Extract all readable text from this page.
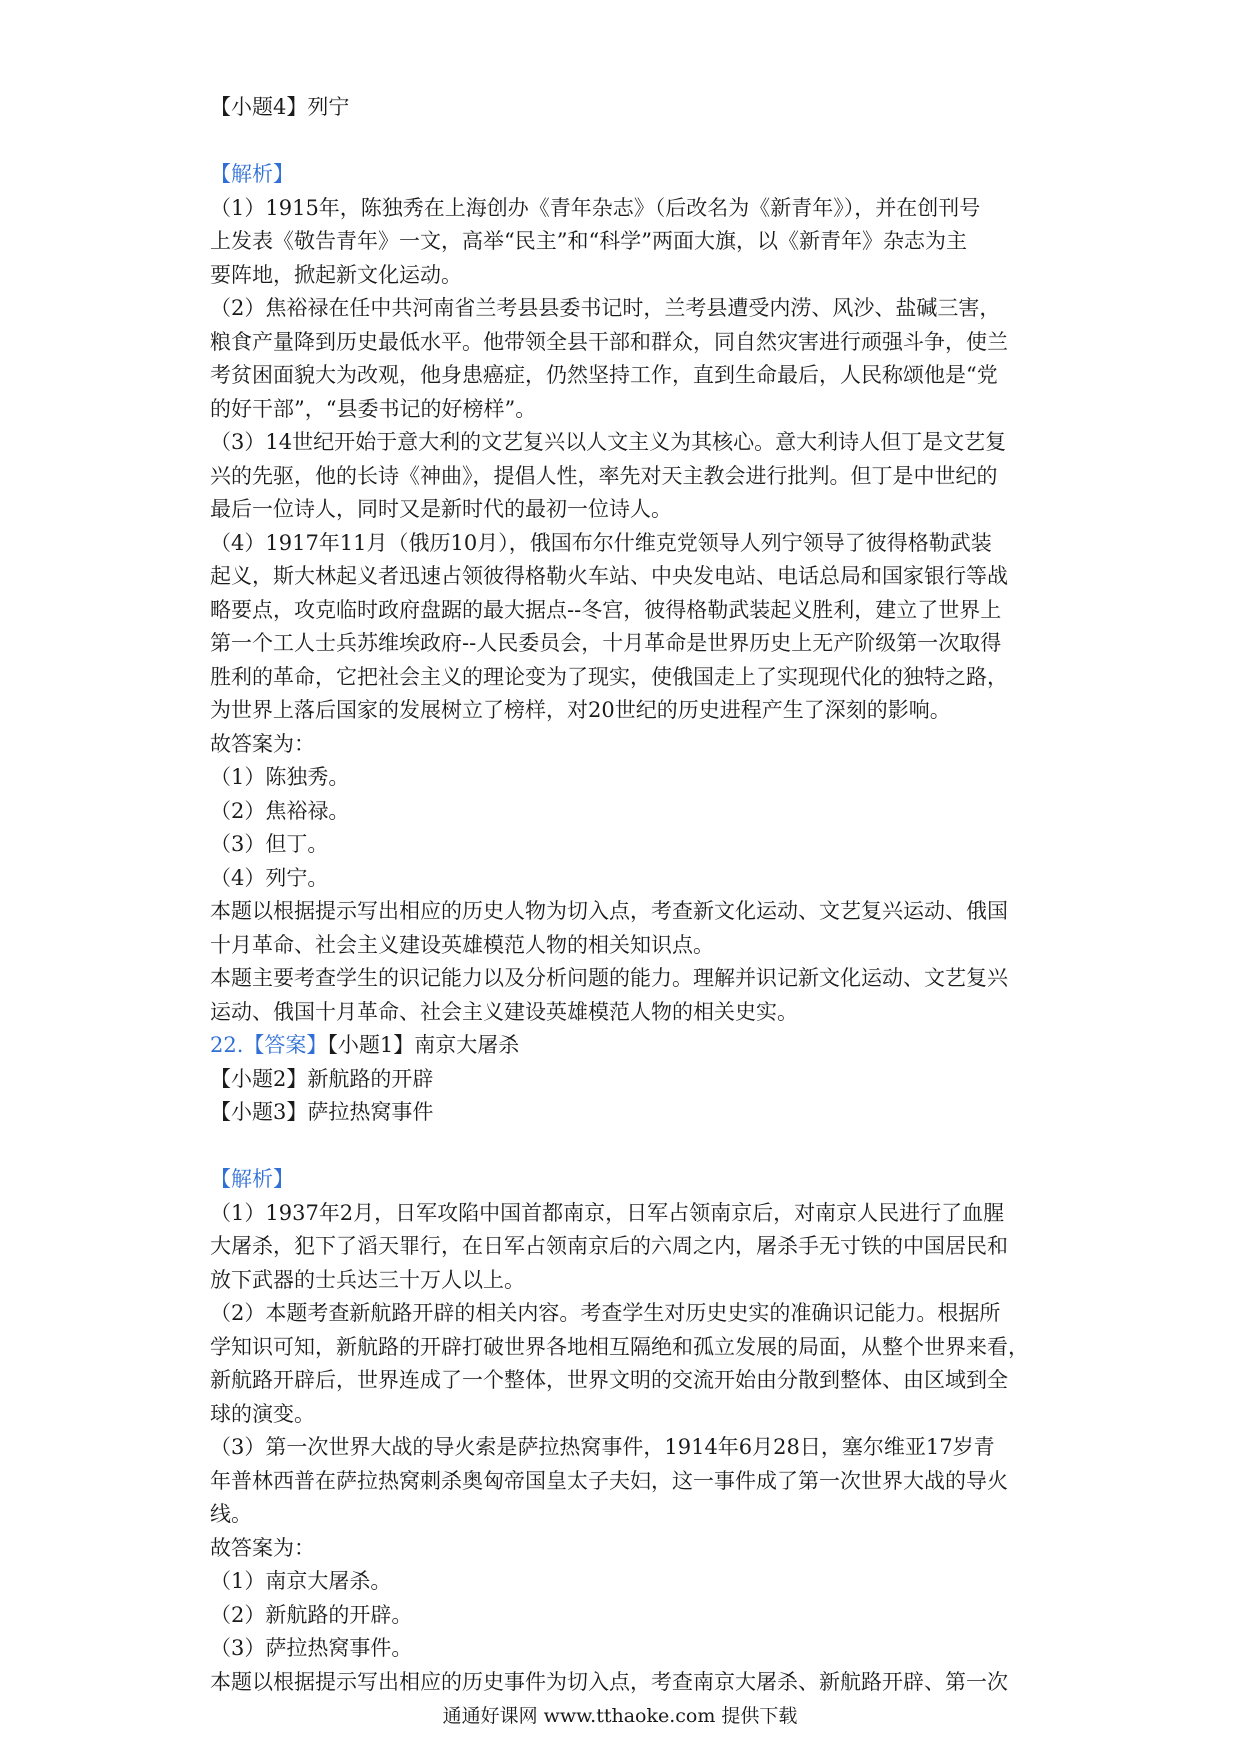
【小题4】列宁
【解析】
（1）1915年，陈独秀在上海创办《青年杂志》（后改名为《新青年》），并在创刊号
上发表《敬告青年》一文，高举“民主”和“科学”两面大旗，以《新青年》杂志为主
要阵地，掀起新文化运动。
（2）焦裕禄在任中共河南省兰考县县委书记时，兰考县遭受内涝、风沙、盐碱三害，
粮食产量降到历史最低水平。他带领全县干部和群众，同自然灾害进行顽强斗争，使兰
考贫困面貌大为改观，他身患癌症，仍然坚持工作，直到生命最后，人民称颂他是“党
的好干部”，“县委书记的好榜样”。
（3）14世纪开始于意大利的文艺复兴以人文主义为其核心。意大利诗人但丁是文艺复
兴的先驱，他的长诗《神曲》，提倡人性，率先对天主教会进行批判。但丁是中世纪的
最后一位诗人，同时又是新时代的最初一位诗人。
（4）1917年11月（俄历10月），俄国布尔什维克党领导人列宁领导了彼得格勒武装
起义，斯大林起义者迅速占领彼得格勒火车站、中央发电站、电话总局和国家银行等战
略要点，攻克临时政府盘踞的最大据点--冬宫，彼得格勒武装起义胜利，建立了世界上
第一个工人士兵苏维埃政府--人民委员会，十月革命是世界历史上无产阶级第一次取得
胜利的革命，它把社会主义的理论变为了现实，使俄国走上了实现现代化的独特之路，
为世界上落后国家的发展树立了榜样，对20世纪的历史进程产生了深刻的影响。
故答案为：
（1）陈独秀。
（2）焦裕禄。
（3）但丁。
（4）列宁。
本题以根据提示写出相应的历史人物为切入点，考查新文化运动、文艺复兴运动、俄国
十月革命、社会主义建设英雄模范人物的相关知识点。
本题主要考查学生的识记能力以及分析问题的能力。理解并识记新文化运动、文艺复兴
运动、俄国十月革命、社会主义建设英雄模范人物的相关史实。
22.【答案】【小题1】南京大屠杀
【小题2】新航路的开辟
【小题3】萨拉热窝事件
【解析】
（1）1937年2月，日军攻陷中国首都南京，日军占领南京后，对南京人民进行了血腥
大屠杀，犯下了滔天罪行，在日军占领南京后的六周之内，屠杀手无寸铁的中国居民和
放下武器的士兵达三十万人以上。
（2）本题考查新航路开辟的相关内容。考查学生对历史史实的准确识记能力。根据所
学知识可知，新航路的开辟打破世界各地相互隔绝和孤立发展的局面，从整个世界来看，
新航路开辟后，世界连成了一个整体，世界文明的交流开始由分散到整体、由区域到全
球的演变。
（3）第一次世界大战的导火索是萨拉热窝事件，1914年6月28日，塞尔维亚17岁青
年普林西普在萨拉热窝刺杀奥匈帝国皇太子夫妇，这一事件成了第一次世界大战的导火
线。
故答案为：
（1）南京大屠杀。
（2）新航路的开辟。
（3）萨拉热窝事件。
本题以根据提示写出相应的历史事件为切入点，考查南京大屠杀、新航路开辟、第一次
通通好课网 www.tthaoke.com 提供下载
